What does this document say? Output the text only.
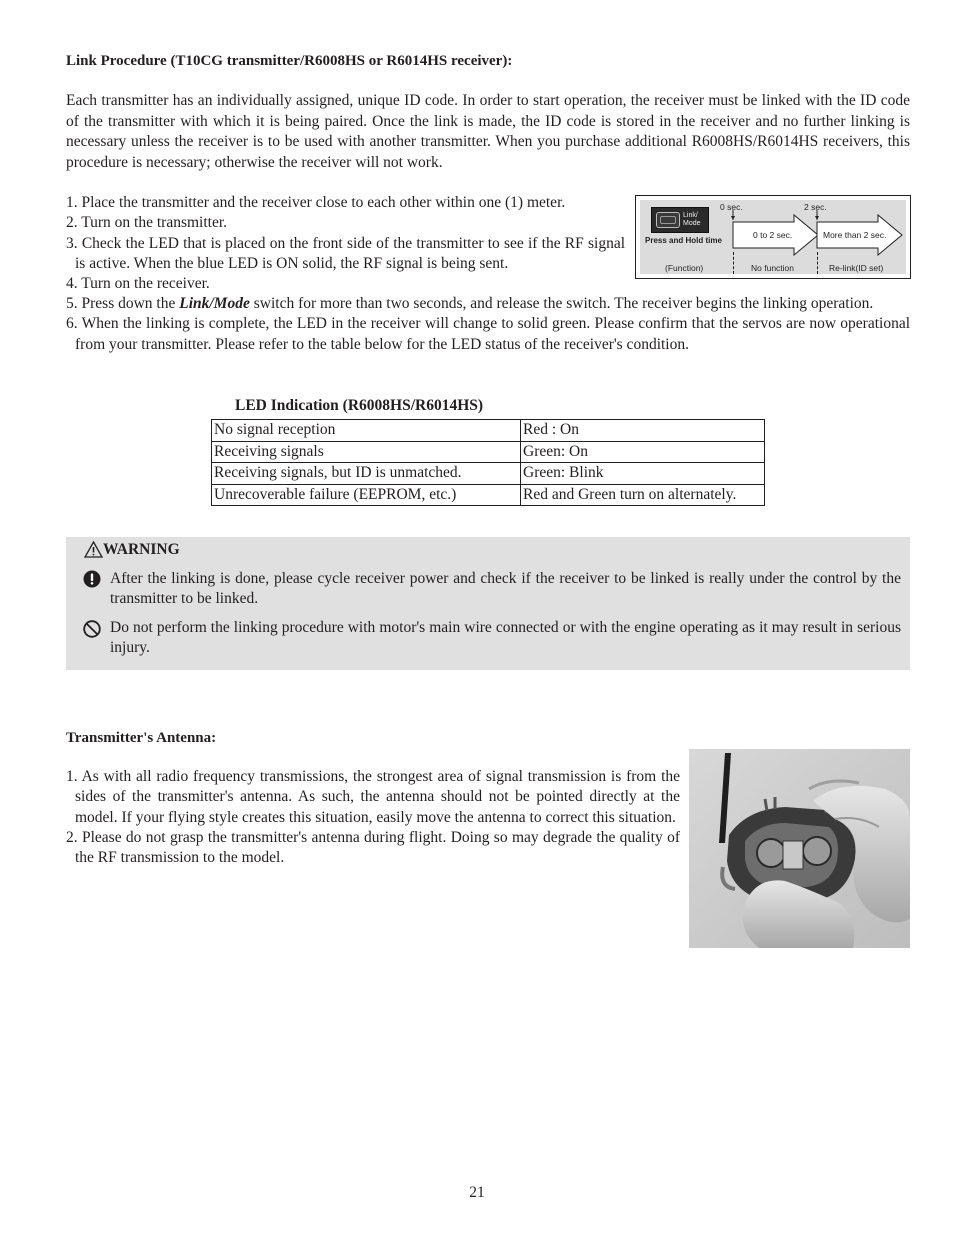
Link Procedure (T10CG transmitter/R6008HS or R6014HS receiver):
Each transmitter has an individually assigned, unique ID code. In order to start operation, the receiver must be linked with the ID code of the transmitter with which it is being paired. Once the link is made, the ID code is stored in the receiver and no further linking is necessary unless the receiver is to be used with another transmitter. When you purchase additional R6008HS/R6014HS receivers, this procedure is necessary; otherwise the receiver will not work.
1. Place the transmitter and the receiver close to each other within one (1) meter.
2. Turn on the transmitter.
3. Check the LED that is placed on the front side of the transmitter to see if the RF signal is active. When the blue LED is ON solid, the RF signal is being sent.
4. Turn on the receiver.
5. Press down the Link/Mode switch for more than two seconds, and release the switch. The receiver begins the linking operation.
6. When the linking is complete, the LED in the receiver will change to solid green. Please confirm that the servos are now operational from your transmitter. Please refer to the table below for the LED status of the receiver's condition.
0 sec.	2 sec.
Link/
Mode
Press and Hold time
0 to 2 sec.	More than 2 sec.
(Function)	No function	Re-link(ID set)
LED Indication (R6008HS/R6014HS)
No signal reception	Red : On
Receiving signals	Green: On
Receiving signals, but ID is unmatched.	Green: Blink
Unrecoverable failure (EEPROM, etc.)	Red and Green turn on alternately.
WARNING
After the linking is done, please cycle receiver power and check if the receiver to be linked is really under the control by the transmitter to be linked.
Do not perform the linking procedure with motor's main wire connected or with the engine operating as it may result in serious injury.
Transmitter's Antenna:
1. As with all radio frequency transmissions, the strongest area of signal transmission is from the sides of the transmitter's antenna. As such, the antenna should not be pointed directly at the model. If your flying style creates this situation, easily move the antenna to correct this situation.
2. Please do not grasp the transmitter's antenna during flight. Doing so may degrade the quality of the RF transmission to the model.
21
